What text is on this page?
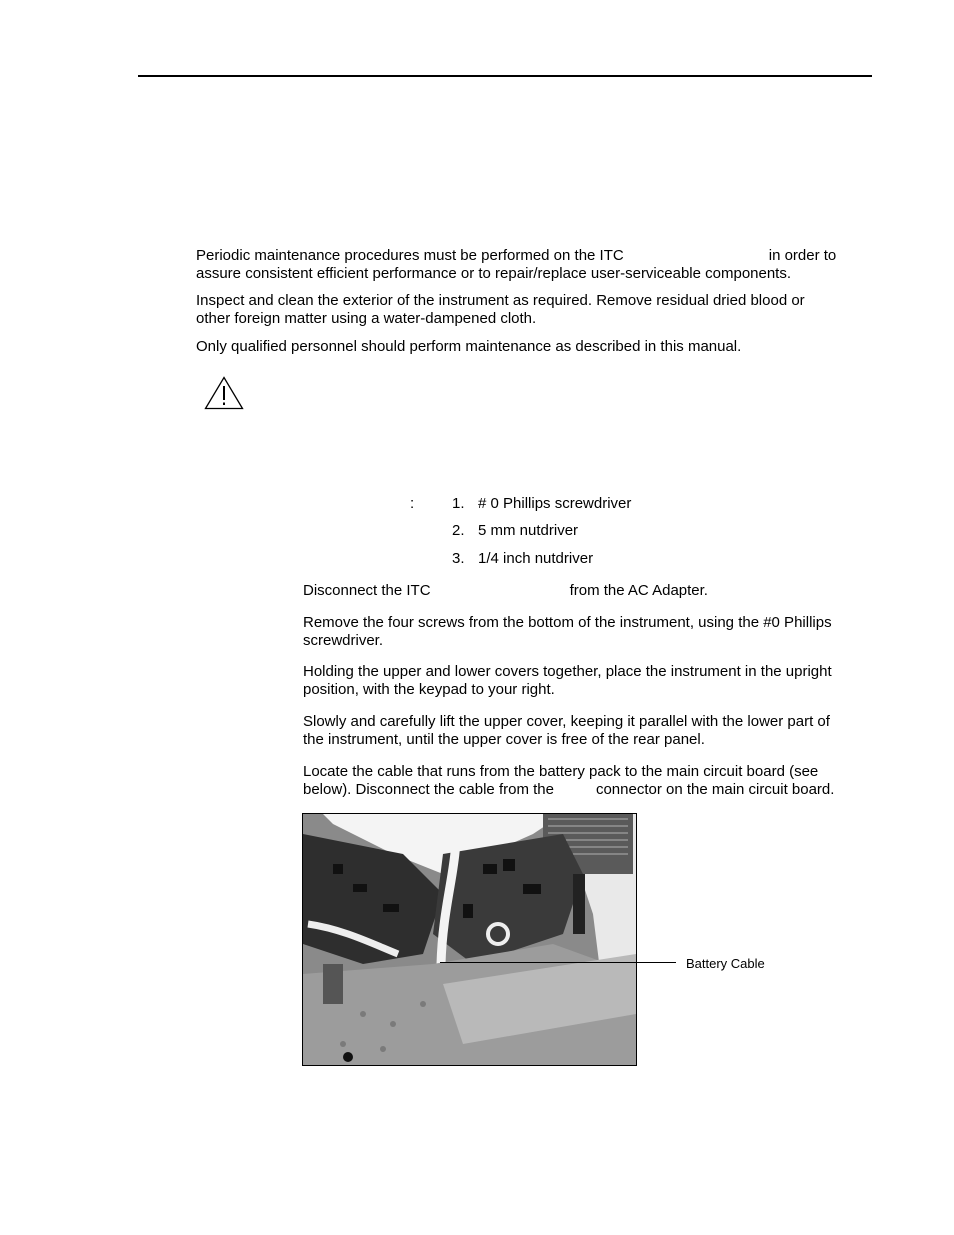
Periodic maintenance procedures must be performed on the ITC	in order to

assure consistent efficient performance or to repair/replace user-serviceable components.

Inspect and clean the exterior of the instrument as required. Remove residual dried blood or

other foreign matter using a water-dampened cloth.

Only qualified personnel should perform maintenance as described in this manual.

:	1. # 0 Phillips screwdriver
2. 5 mm nutdriver
3. 1/4 inch nutdriver

Disconnect the ITC	from the AC Adapter.

Remove the four screws from the bottom of the instrument, using the #0 Phillips

screwdriver.

Holding the upper and lower covers together, place the instrument in the upright

position, with the keypad to your right.

Slowly and carefully lift the upper cover, keeping it parallel with the lower part of

the instrument, until the upper cover is free of the rear panel.

Locate the cable that runs from the battery pack to the main circuit board (see

below). Disconnect the cable from the	connector on the main circuit board.

Battery Cable
